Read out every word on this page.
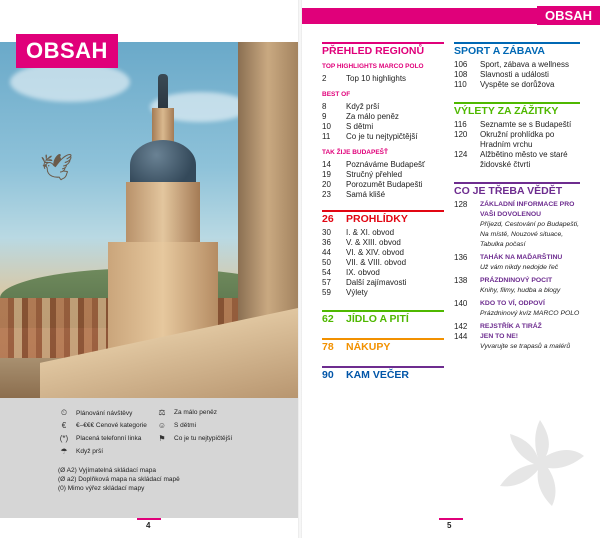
🕊
OBSAH
⏲	Plánování návštěvy
€	€–€€€ Cenové kategorie
(*) Placená telefonní linka
☂	Když prší
⚖	Za málo peněz
☺ S dětmi
⚑	Co je tu nejtypičtější
(Ø A2) Vyjímatelná skládací mapa
(Ø a2) Doplňková mapa na skládací mapě
(0) Mimo výřez skládací mapy
4
OBSAH
PŘEHLED REGIONŮ
TOP HIGHLIGHTS MARCO POLO
2	Top 10 highlights
BEST OF
8	Když prší
9	Za málo peněz
10	S dětmi
11	Co je tu nejtypičtější
TAK ŽIJE BUDAPEŠŤ
14	Poznáváme Budapešť
19	Stručný přehled
20	Porozumět Budapešti
23	Samá klišé
26	PROHLÍDKY
30	I. & XI. obvod
36	V. & XIII. obvod
44	VI. & XIV. obvod
50	VII. & VIII. obvod
54	IX. obvod
57	Další zajímavosti
59	Výlety
62	JÍDLO A PITÍ
78	NÁKUPY
90	KAM VEČER
SPORT A ZÁBAVA
106	Sport, zábava a wellness
108	Slavnosti a události
110	Vyspěte se dorůžova
VÝLETY ZA ZÁŽITKY
116	Seznamte se s Budapeští
120	Okružní prohlídka po Hradním vrchu
124	Alžbětino město ve staré židovské čtvrti
CO JE TŘEBA VĚDĚT
128	ZÁKLADNÍ INFORMACE PRO VAŠI DOVOLENOU
Příjezd, Cestování po Budapešti, Na místě, Nouzové situace, Tabulka počasí
136	TAHÁK NA MAĎARŠTINU
Už vám nikdy nedojde řeč
138	PRÁZDNINOVÝ POCIT
Knihy, filmy, hudba a blogy
140	KDO TO VÍ, ODPOVÍ
Prázdninový kvíz MARCO POLO
142	REJSTŘÍK A TIRÁŽ
144	JEN TO NE!
Vyvarujte se trapasů a malérů
5
